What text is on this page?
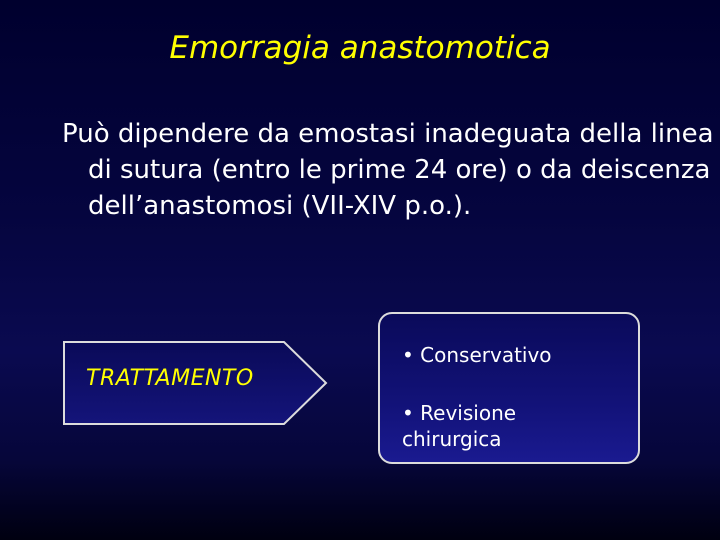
Emorragia anastomotica
Può dipendere da emostasi inadeguata della linea di sutura (entro le prime 24 ore) o da deiscenza dell’anastomosi (VII-XIV p.o.).
TRATTAMENTO
• Conservativo
• Revisione
chirurgica
